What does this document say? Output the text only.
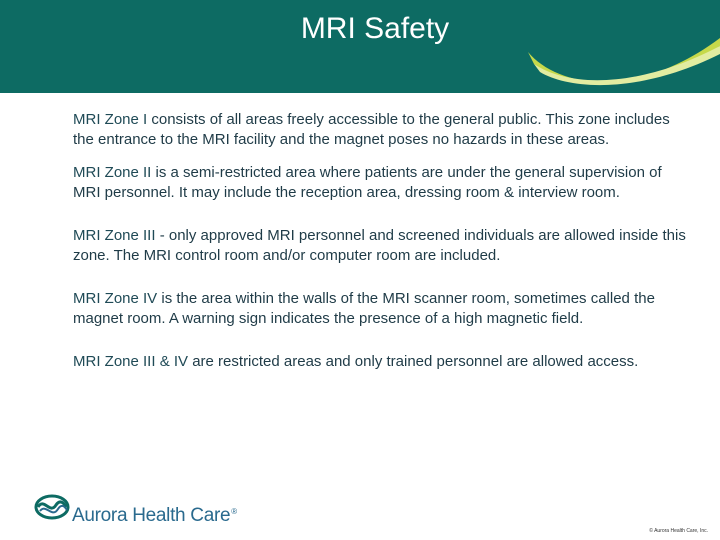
MRI Safety

MRI Zone I consists of all areas freely accessible to the general public. This zone includes the entrance to the MRI facility and the magnet poses no hazards in these areas.

MRI Zone II is a semi-restricted area where patients are under the general supervision of MRI personnel. It may include the reception area, dressing room & interview room.

MRI Zone III - only approved MRI personnel and screened individuals are allowed inside this zone. The MRI control room and/or computer room are included.

MRI Zone IV is the area within the walls of the MRI scanner room, sometimes called the magnet room. A warning sign indicates the presence of a high magnetic field.

MRI Zone III & IV are restricted areas and only trained personnel are allowed access.

Aurora Health Care®
© Aurora Health Care, Inc.
